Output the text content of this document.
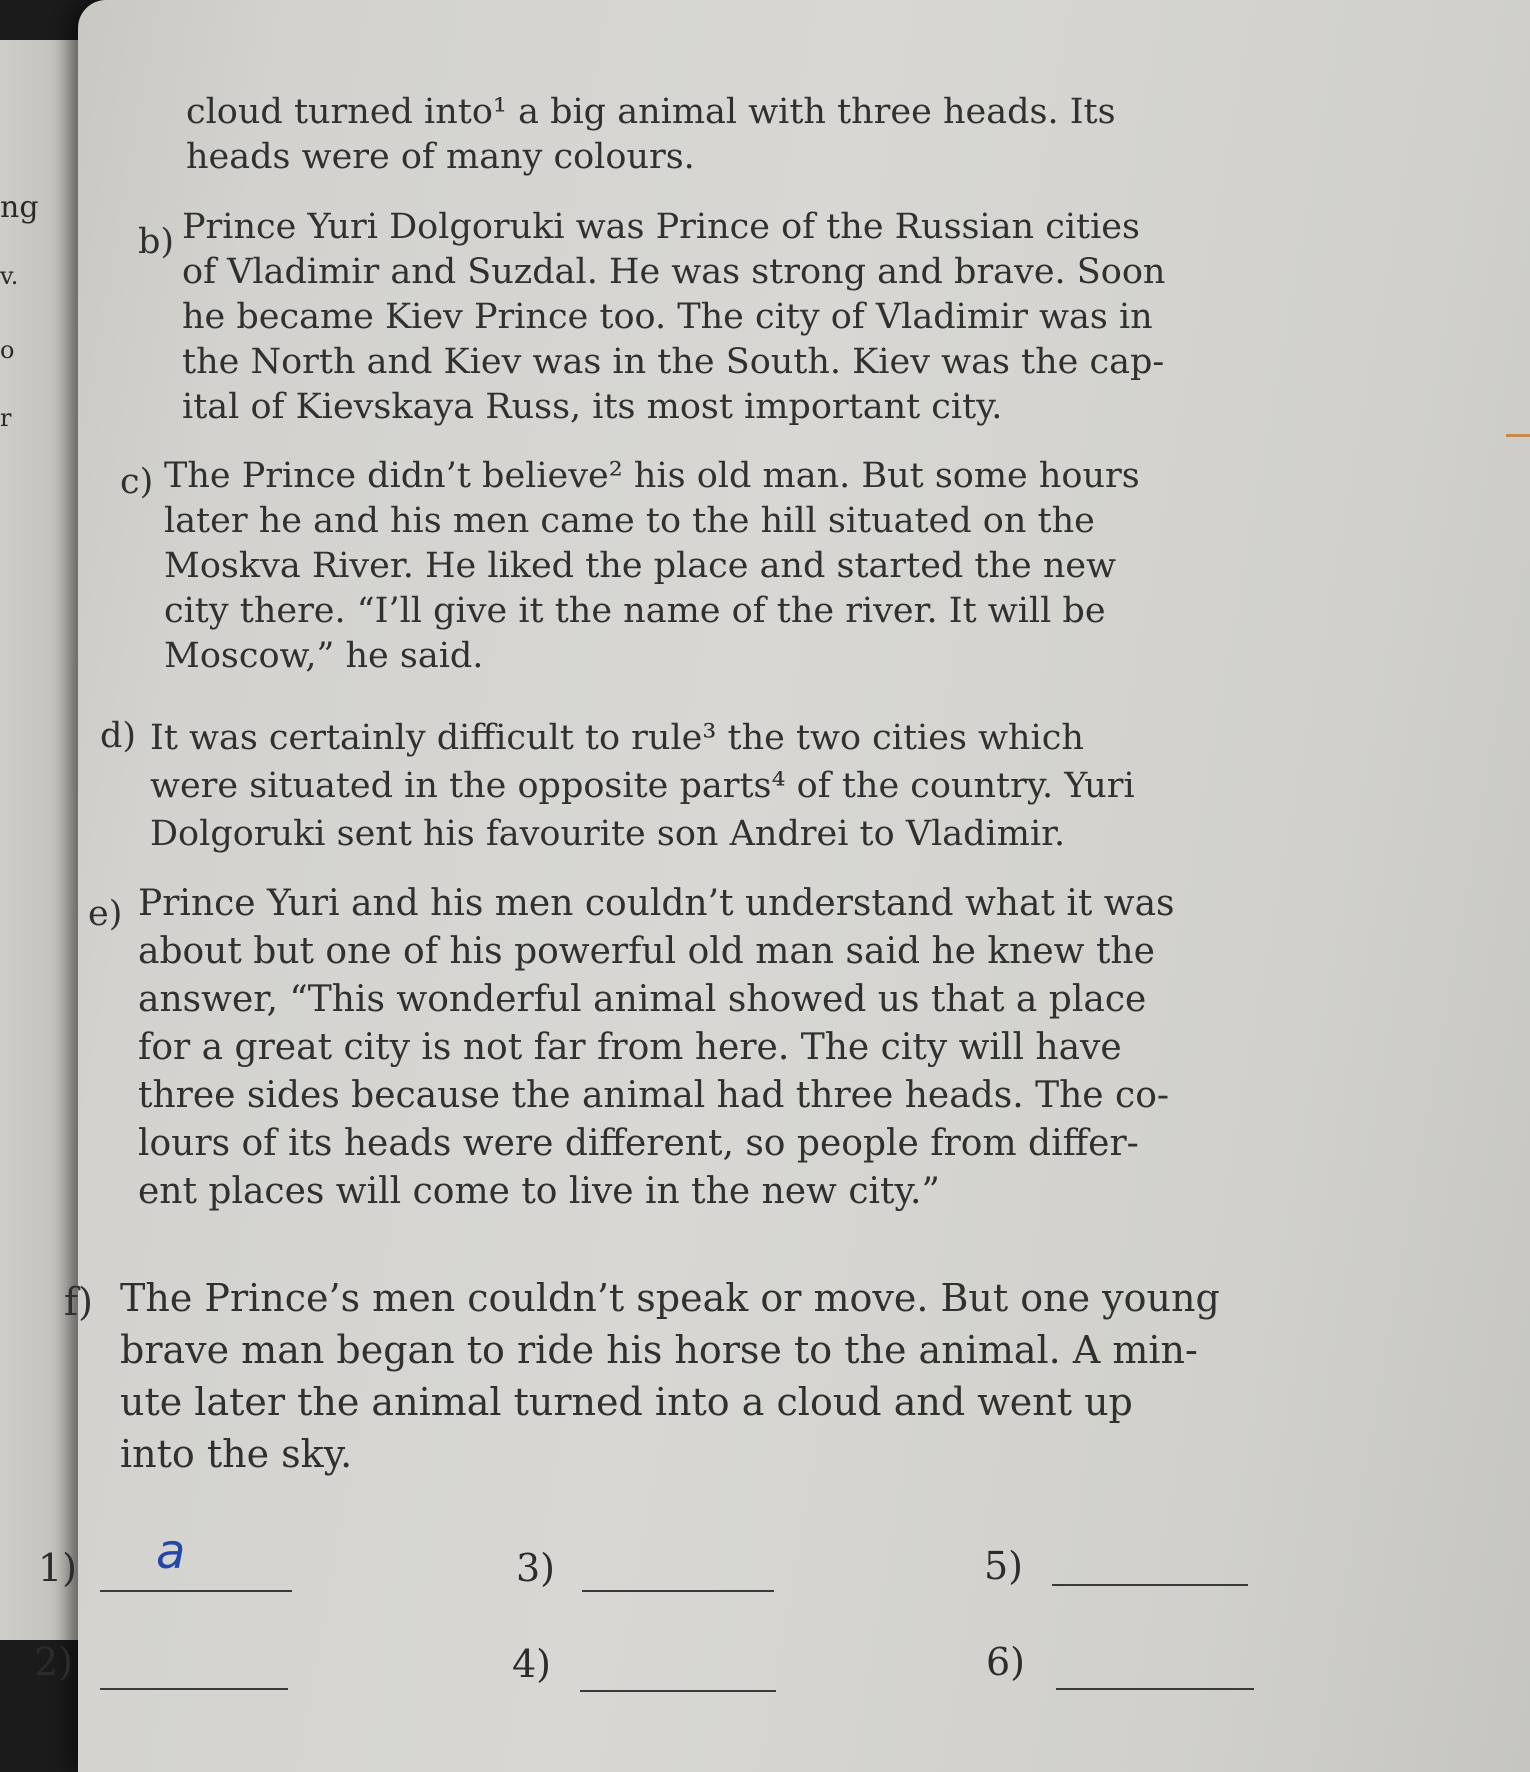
ng
v.
o
r
cloud turned into¹ a big animal with three heads. Its
heads were of many colours.
b) Prince Yuri Dolgoruki was Prince of the Russian cities
of Vladimir and Suzdal. He was strong and brave. Soon
he became Kiev Prince too. The city of Vladimir was in
the North and Kiev was in the South. Kiev was the cap-
ital of Kievskaya Russ, its most important city.
c) The Prince didn’t believe² his old man. But some hours
later he and his men came to the hill situated on the
Moskva River. He liked the place and started the new
city there. “I’ll give it the name of the river. It will be
Moscow,” he said.
d) It was certainly difficult to rule³ the two cities which
were situated in the opposite parts⁴ of the country. Yuri
Dolgoruki sent his favourite son Andrei to Vladimir.
e) Prince Yuri and his men couldn’t understand what it was
about but one of his powerful old man said he knew the
answer, “This wonderful animal showed us that a place
for a great city is not far from here. The city will have
three sides because the animal had three heads. The co-
lours of its heads were different, so people from differ-
ent places will come to live in the new city.”
f) The Prince’s men couldn’t speak or move. But one young
brave man began to ride his horse to the animal. A min-
ute later the animal turned into a cloud and went up
into the sky.
1) a
2)
3)
4)
5)
6)
